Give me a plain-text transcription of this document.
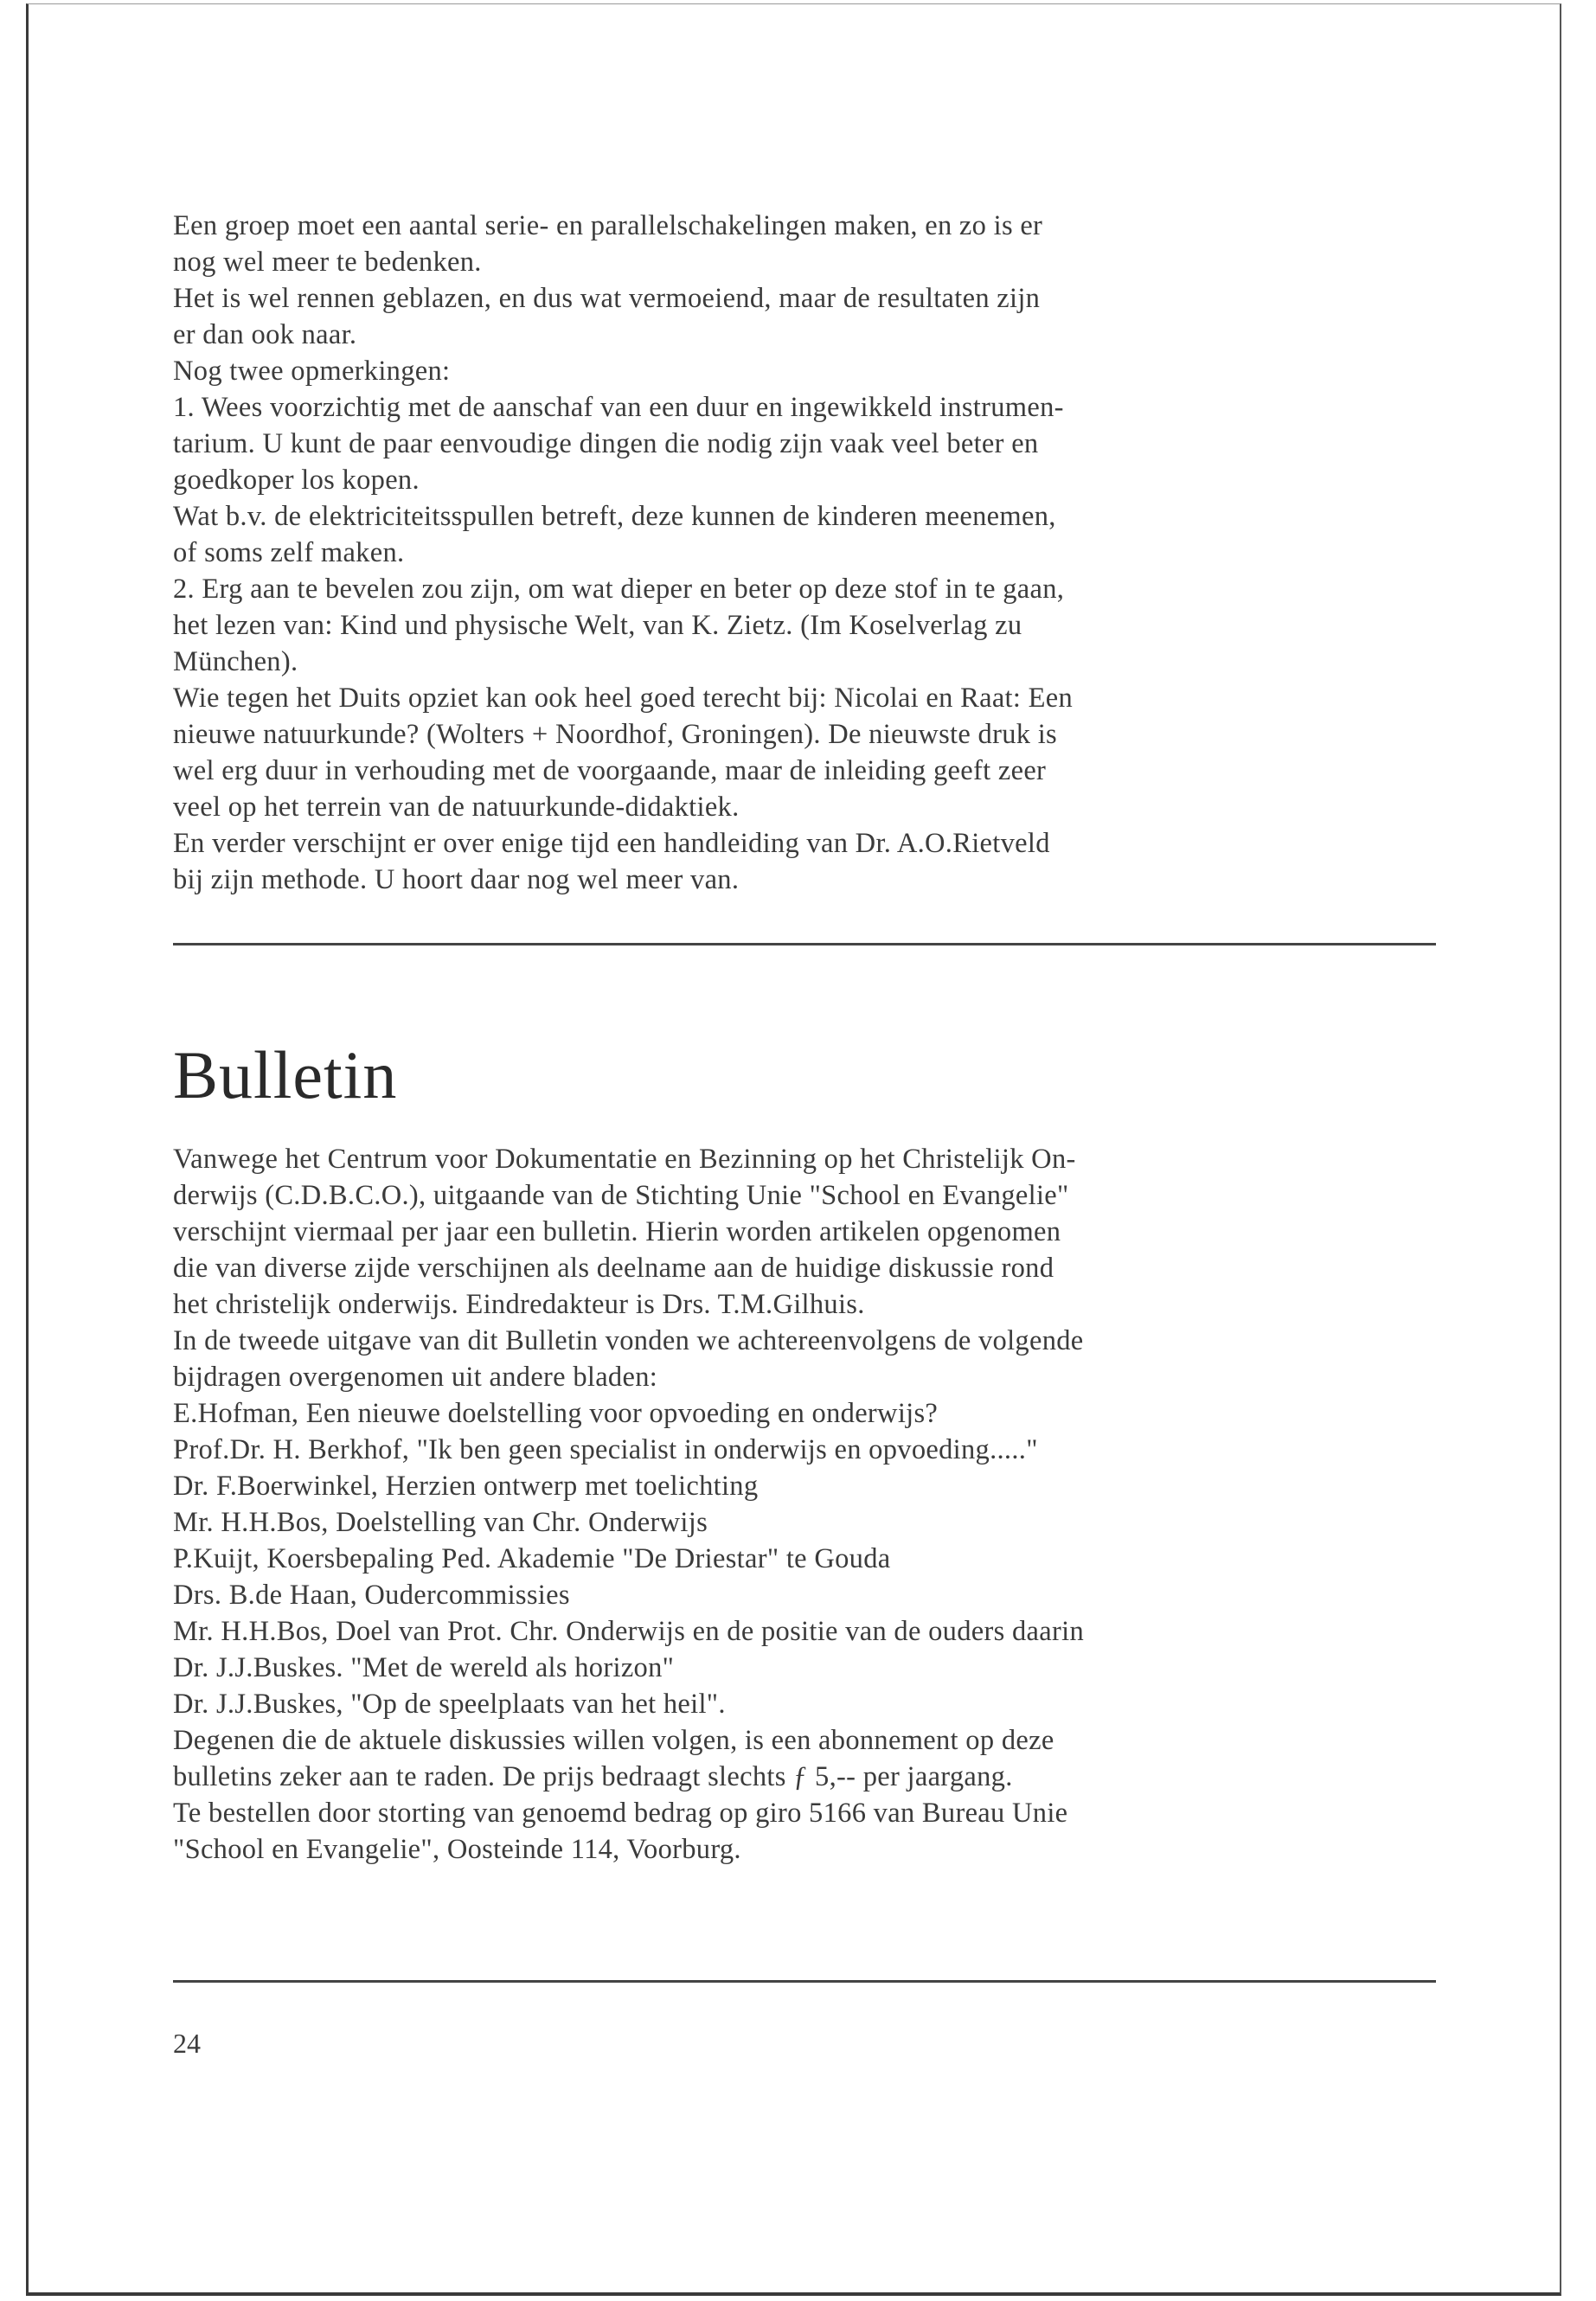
Een groep moet een aantal serie- en parallelschakelingen maken, en zo is er

nog wel meer te bedenken.

Het is wel rennen geblazen, en dus wat vermoeiend, maar de resultaten zijn

er dan ook naar.

Nog twee opmerkingen:

1. Wees voorzichtig met de aanschaf van een duur en ingewikkeld instrumen-

tarium. U kunt de paar eenvoudige dingen die nodig zijn vaak veel beter en

goedkoper los kopen.

Wat b.v. de elektriciteitsspullen betreft, deze kunnen de kinderen meenemen,

of soms zelf maken.

2. Erg aan te bevelen zou zijn, om wat dieper en beter op deze stof in te gaan,

het lezen van: Kind und physische Welt, van K. Zietz. (Im Koselverlag zu

München).

Wie tegen het Duits opziet kan ook heel goed terecht bij: Nicolai en Raat: Een

nieuwe natuurkunde? (Wolters + Noordhof, Groningen). De nieuwste druk is

wel erg duur in verhouding met de voorgaande, maar de inleiding geeft zeer

veel op het terrein van de natuurkunde-didaktiek.

En verder verschijnt er over enige tijd een handleiding van Dr. A.O.Rietveld

bij zijn methode. U hoort daar nog wel meer van.

Bulletin

Vanwege het Centrum voor Dokumentatie en Bezinning op het Christelijk On-

derwijs (C.D.B.C.O.), uitgaande van de Stichting Unie "School en Evangelie"

verschijnt viermaal per jaar een bulletin. Hierin worden artikelen opgenomen

die van diverse zijde verschijnen als deelname aan de huidige diskussie rond

het christelijk onderwijs. Eindredakteur is Drs. T.M.Gilhuis.

In de tweede uitgave van dit Bulletin vonden we achtereenvolgens de volgende

bijdragen overgenomen uit andere bladen:

E.Hofman, Een nieuwe doelstelling voor opvoeding en onderwijs?

Prof.Dr. H. Berkhof, "Ik ben geen specialist in onderwijs en opvoeding....."

Dr. F.Boerwinkel, Herzien ontwerp met toelichting

Mr. H.H.Bos, Doelstelling van Chr. Onderwijs

P.Kuijt, Koersbepaling Ped. Akademie "De Driestar" te Gouda

Drs. B.de Haan, Oudercommissies

Mr. H.H.Bos, Doel van Prot. Chr. Onderwijs en de positie van de ouders daarin

Dr. J.J.Buskes. "Met de wereld als horizon"

Dr. J.J.Buskes, "Op de speelplaats van het heil".

Degenen die de aktuele diskussies willen volgen, is een abonnement op deze

bulletins zeker aan te raden. De prijs bedraagt slechts ƒ 5,-- per jaargang.

Te bestellen door storting van genoemd bedrag op giro 5166 van Bureau Unie

"School en Evangelie", Oosteinde 114, Voorburg.

24
